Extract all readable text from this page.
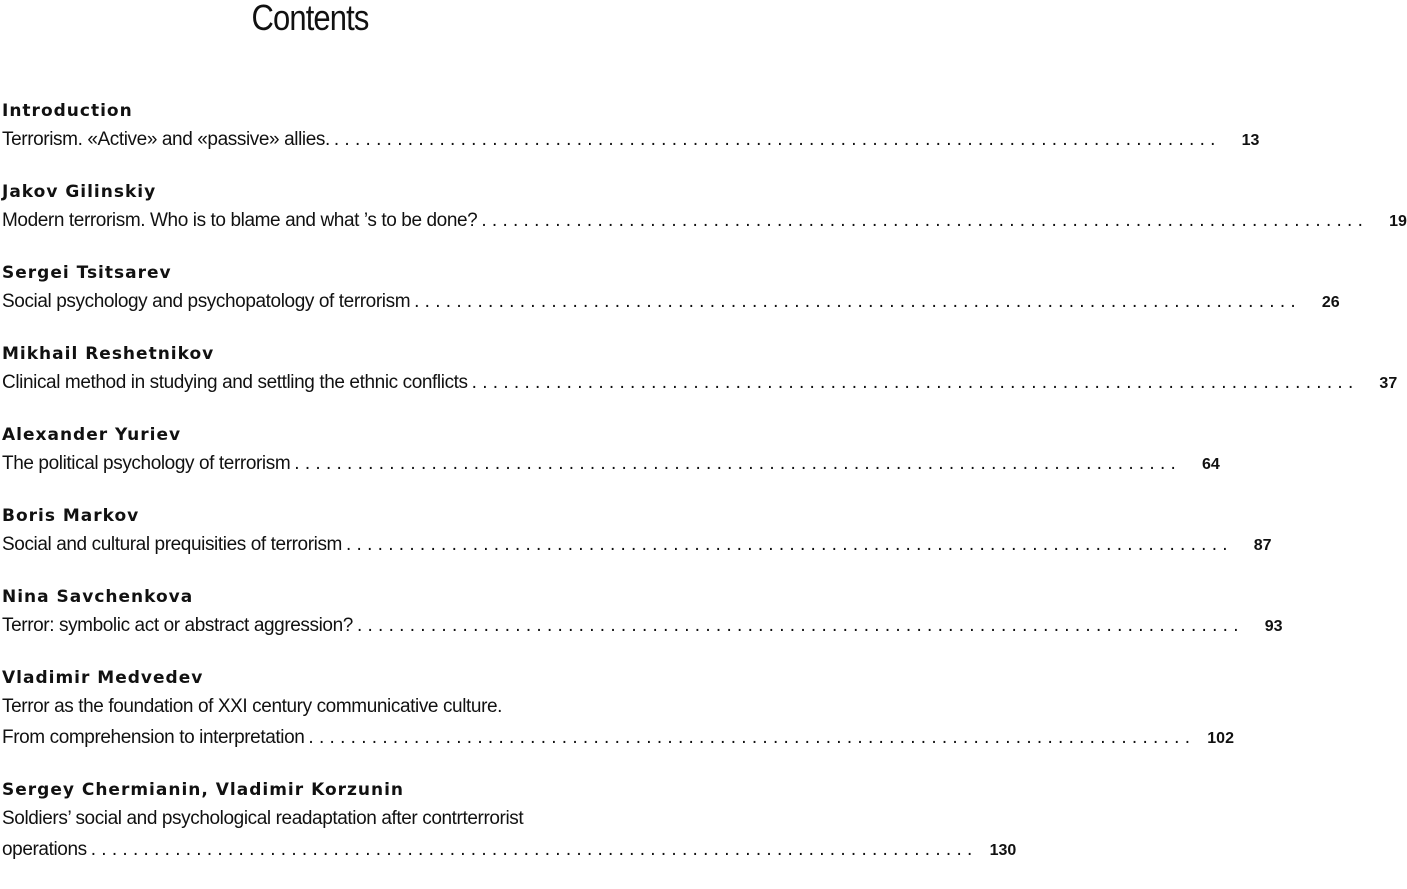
Contents
Introduction
Terrorism. «Active» and «passive» allies. . . .	13
Jakov Gilinskiy
Modern terrorism. Who is to blame and what ’s to be done? . . .	19
Sergei Tsitsarev
Social psychology and psychopatology of terrorism . . .	26
Mikhail Reshetnikov
Clinical method in studying and settling the ethnic conflicts . . .	37
Alexander Yuriev
The political psychology of terrorism . . .	64
Boris Markov
Social and cultural prequisities of terrorism . . .	87
Nina Savchenkova
Terror: symbolic act or abstract aggression? . . .	93
Vladimir Medvedev
Terror as the foundation of XXI century communicative culture.
From comprehension to interpretation . . .	102
Sergey Chermianin, Vladimir Korzunin
Soldiers’ social and psychological readaptation after contrterrorist
operations . . .	130
